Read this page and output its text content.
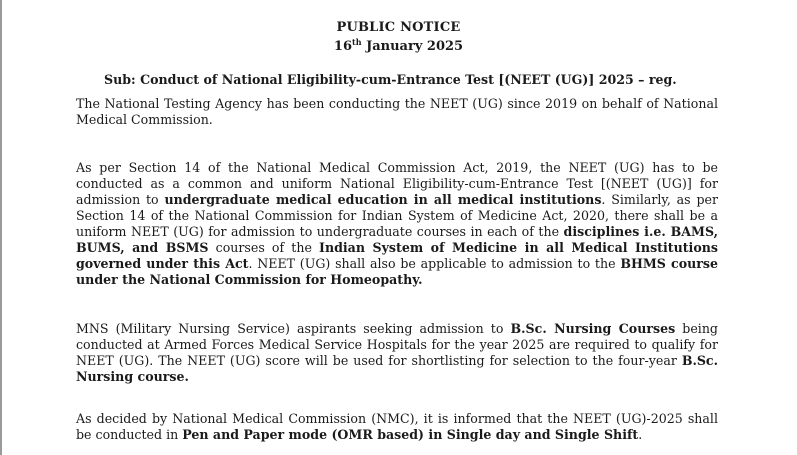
PUBLIC NOTICE
16th January 2025
Sub: Conduct of National Eligibility-cum-Entrance Test [(NEET (UG)] 2025 – reg.
The National Testing Agency has been conducting the NEET (UG) since 2019 on behalf of National Medical Commission.
As per Section 14 of the National Medical Commission Act, 2019, the NEET (UG) has to be conducted as a common and uniform National Eligibility-cum-Entrance Test [(NEET (UG)] for admission to undergraduate medical education in all medical institutions. Similarly, as per Section 14 of the National Commission for Indian System of Medicine Act, 2020, there shall be a uniform NEET (UG) for admission to undergraduate courses in each of the disciplines i.e. BAMS, BUMS, and BSMS courses of the Indian System of Medicine in all Medical Institutions governed under this Act. NEET (UG) shall also be applicable to admission to the BHMS course under the National Commission for Homeopathy.
MNS (Military Nursing Service) aspirants seeking admission to B.Sc. Nursing Courses being conducted at Armed Forces Medical Service Hospitals for the year 2025 are required to qualify for NEET (UG). The NEET (UG) score will be used for shortlisting for selection to the four-year B.Sc. Nursing course.
As decided by National Medical Commission (NMC), it is informed that the NEET (UG)-2025 shall be conducted in Pen and Paper mode (OMR based) in Single day and Single Shift.
